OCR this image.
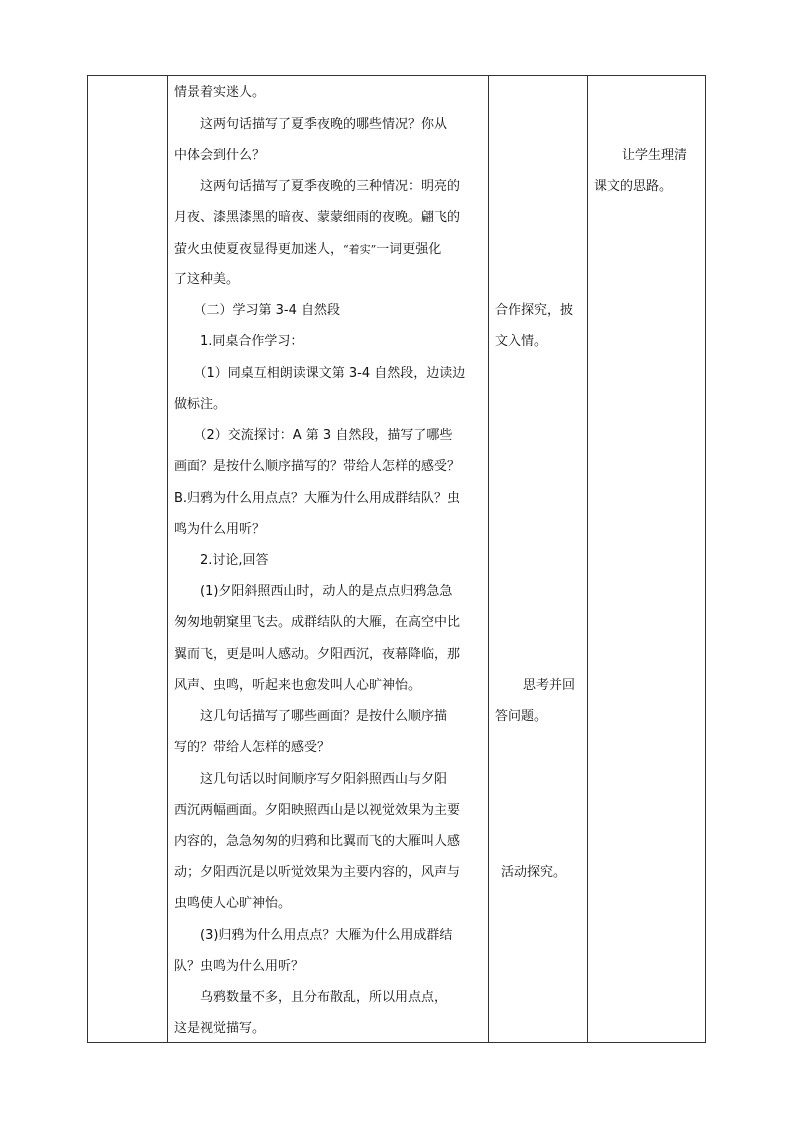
情景着实迷人。
　　这两句话描写了夏季夜晚的哪些情况？你从
中体会到什么？
　　这两句话描写了夏季夜晚的三种情况：明亮的
月夜、漆黑漆黑的暗夜、蒙蒙细雨的夜晚。翩飞的
萤火虫使夏夜显得更加迷人，“着实”一词更强化
了这种美。
　　（二）学习第 3-4 自然段
　　1.同桌合作学习：
　　（1）同桌互相朗读课文第 3-4 自然段，边读边
做标注。
　　（2）交流探讨：A 第 3 自然段，描写了哪些
画面？是按什么顺序描写的？带给人怎样的感受？
B.归鸦为什么用点点？大雁为什么用成群结队？虫
鸣为什么用听？
　　2.讨论,回答
　　(1)夕阳斜照西山时，动人的是点点归鸦急急
匆匆地朝窠里飞去。成群结队的大雁，在高空中比
翼而飞，更是叫人感动。夕阳西沉，夜幕降临，那
风声、虫鸣，听起来也愈发叫人心旷神怡。
　　这几句话描写了哪些画面？是按什么顺序描
写的？带给人怎样的感受？
　　这几句话以时间顺序写夕阳斜照西山与夕阳
西沉两幅画面。夕阳映照西山是以视觉效果为主要
内容的，急急匆匆的归鸦和比翼而飞的大雁叫人感
动；夕阳西沉是以听觉效果为主要内容的，风声与
虫鸣使人心旷神怡。
　　(3)归鸦为什么用点点？大雁为什么用成群结
队？虫鸣为什么用听？
　　乌鸦数量不多，且分布散乱，所以用点点，
这是视觉描写。
合作探究，披
文入情。
思考并回
答问题。
活动探究。
让学生理清
课文的思路。
